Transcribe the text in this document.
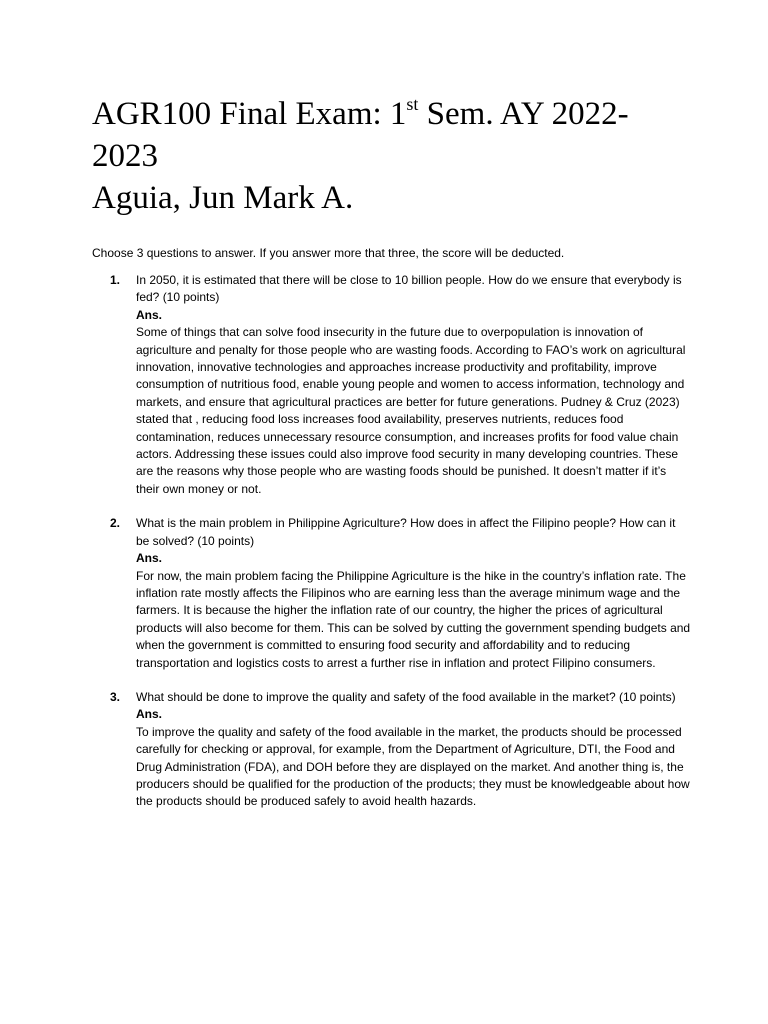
AGR100 Final Exam: 1st Sem. AY 2022-
2023
Aguia, Jun Mark A.
Choose 3 questions to answer. If you answer more that three, the score will be deducted.
1. In 2050, it is estimated that there will be close to 10 billion people. How do we ensure that everybody is fed? (10 points)
Ans.
Some of things that can solve food insecurity in the future due to overpopulation is innovation of agriculture and penalty for those people who are wasting foods. According to FAO’s work on agricultural innovation, innovative technologies and approaches increase productivity and profitability, improve consumption of nutritious food, enable young people and women to access information, technology and markets, and ensure that agricultural practices are better for future generations. Pudney & Cruz (2023) stated that , reducing food loss increases food availability, preserves nutrients, reduces food contamination, reduces unnecessary resource consumption, and increases profits for food value chain actors. Addressing these issues could also improve food security in many developing countries. These are the reasons why those people who are wasting foods should be punished. It doesn’t matter if it’s their own money or not.
2. What is the main problem in Philippine Agriculture? How does in affect the Filipino people? How can it be solved? (10 points)
Ans.
For now, the main problem facing the Philippine Agriculture is the hike in the country’s inflation rate. The inflation rate mostly affects the Filipinos who are earning less than the average minimum wage and the farmers. It is because the higher the inflation rate of our country, the higher the prices of agricultural products will also become for them. This can be solved by cutting the government spending budgets and when the government is committed to ensuring food security and affordability and to reducing transportation and logistics costs to arrest a further rise in inflation and protect Filipino consumers.
3. What should be done to improve the quality and safety of the food available in the market? (10 points)
Ans.
To improve the quality and safety of the food available in the market, the products should be processed carefully for checking or approval, for example, from the Department of Agriculture, DTI, the Food and Drug Administration (FDA), and DOH before they are displayed on the market. And another thing is, the producers should be qualified for the production of the products; they must be knowledgeable about how the products should be produced safely to avoid health hazards.
